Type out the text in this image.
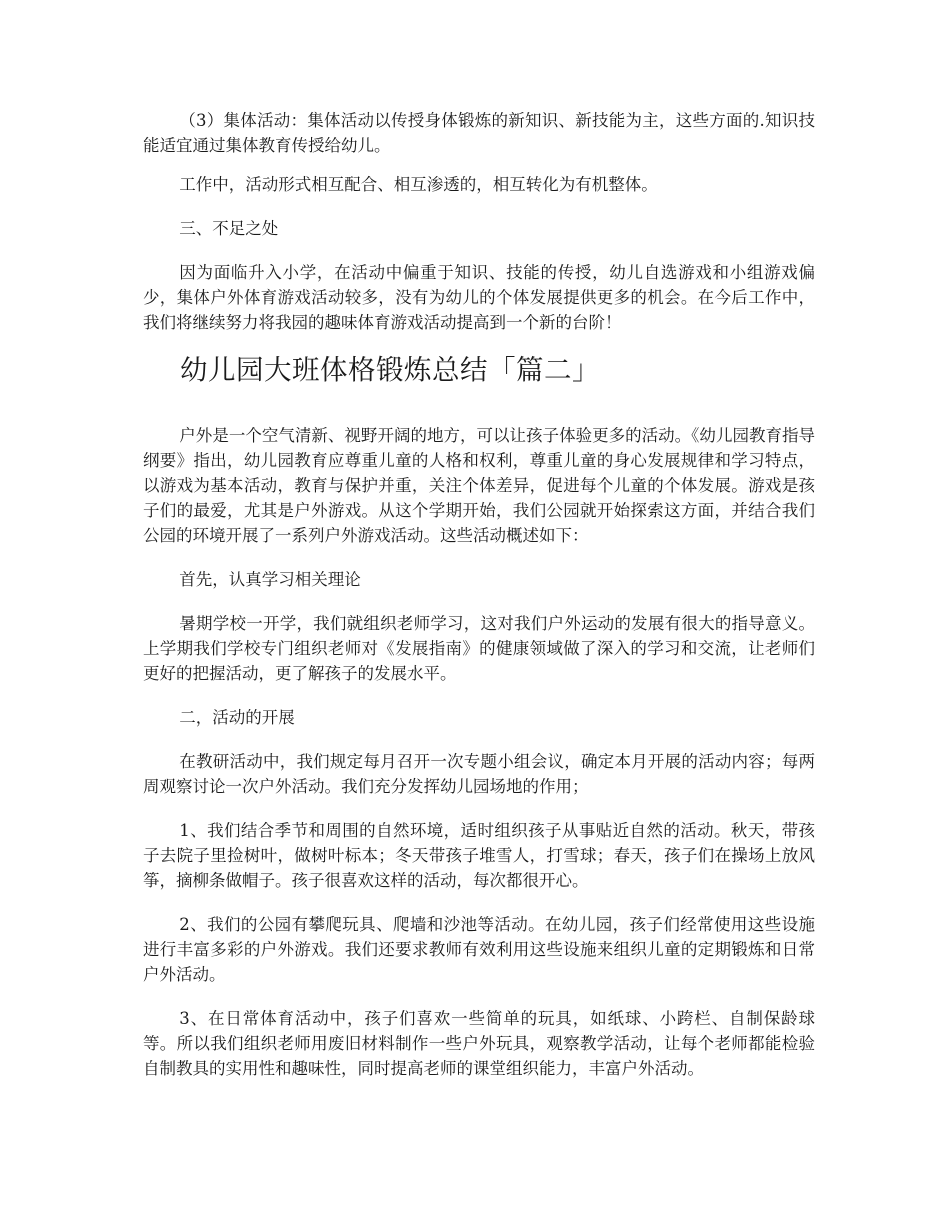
（3）集体活动：集体活动以传授身体锻炼的新知识、新技能为主，这些方面的.知识技能适宜通过集体教育传授给幼儿。

工作中，活动形式相互配合、相互渗透的，相互转化为有机整体。

三、不足之处

因为面临升入小学，在活动中偏重于知识、技能的传授，幼儿自选游戏和小组游戏偏少，集体户外体育游戏活动较多，没有为幼儿的个体发展提供更多的机会。在今后工作中，我们将继续努力将我园的趣味体育游戏活动提高到一个新的台阶！

幼儿园大班体格锻炼总结「篇二」

户外是一个空气清新、视野开阔的地方，可以让孩子体验更多的活动。《幼儿园教育指导纲要》指出，幼儿园教育应尊重儿童的人格和权利，尊重儿童的身心发展规律和学习特点，以游戏为基本活动，教育与保护并重，关注个体差异，促进每个儿童的个体发展。游戏是孩子们的最爱，尤其是户外游戏。从这个学期开始，我们公园就开始探索这方面，并结合我们公园的环境开展了一系列户外游戏活动。这些活动概述如下：

首先，认真学习相关理论

暑期学校一开学，我们就组织老师学习，这对我们户外运动的发展有很大的指导意义。上学期我们学校专门组织老师对《发展指南》的健康领域做了深入的学习和交流，让老师们更好的把握活动，更了解孩子的发展水平。

二，活动的开展

在教研活动中，我们规定每月召开一次专题小组会议，确定本月开展的活动内容；每两周观察讨论一次户外活动。我们充分发挥幼儿园场地的作用；

1、我们结合季节和周围的自然环境，适时组织孩子从事贴近自然的活动。秋天，带孩子去院子里捡树叶，做树叶标本；冬天带孩子堆雪人，打雪球；春天，孩子们在操场上放风筝，摘柳条做帽子。孩子很喜欢这样的活动，每次都很开心。

2、我们的公园有攀爬玩具、爬墙和沙池等活动。在幼儿园，孩子们经常使用这些设施进行丰富多彩的户外游戏。我们还要求教师有效利用这些设施来组织儿童的定期锻炼和日常户外活动。

3、在日常体育活动中，孩子们喜欢一些简单的玩具，如纸球、小跨栏、自制保龄球等。所以我们组织老师用废旧材料制作一些户外玩具，观察教学活动，让每个老师都能检验自制教具的实用性和趣味性，同时提高老师的课堂组织能力，丰富户外活动。
